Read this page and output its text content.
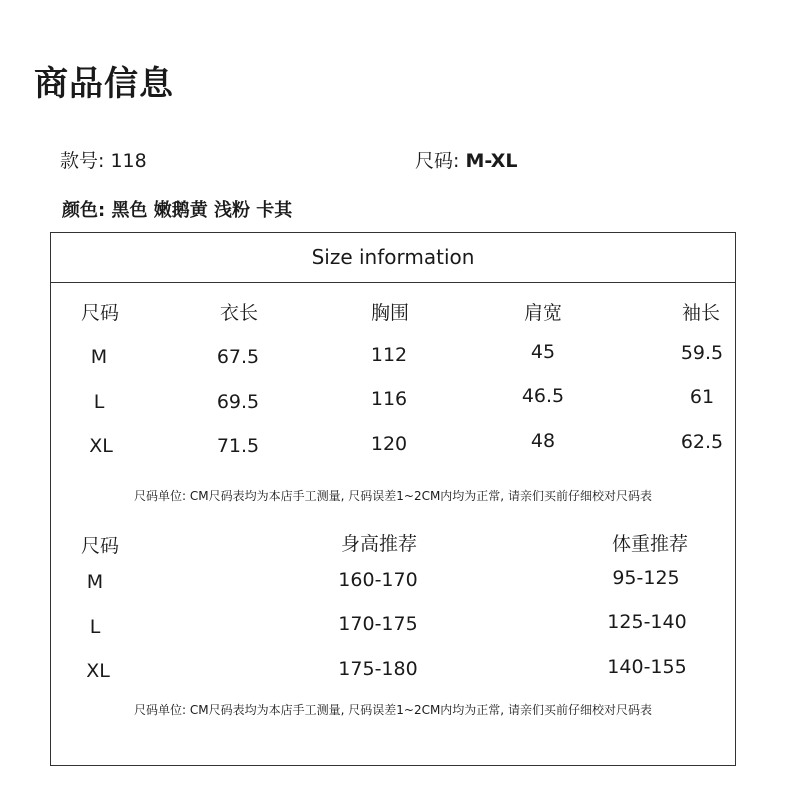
商品信息
款号: 118	尺码: M-XL
颜色: 黑色 嫩鹅黄 浅粉 卡其
Size information
尺码	衣长	胸围	肩宽	袖长
M	67.5	112	45	59.5
L	69.5	116	46.5	61
XL	71.5	120	48	62.5
尺码单位: CM尺码表均为本店手工测量, 尺码误差1~2CM内均为正常, 请亲们买前仔细校对尺码表
尺码	身高推荐	体重推荐
M	160-170	95-125
L	170-175	125-140
XL	175-180	140-155
尺码单位: CM尺码表均为本店手工测量, 尺码误差1~2CM内均为正常, 请亲们买前仔细校对尺码表
